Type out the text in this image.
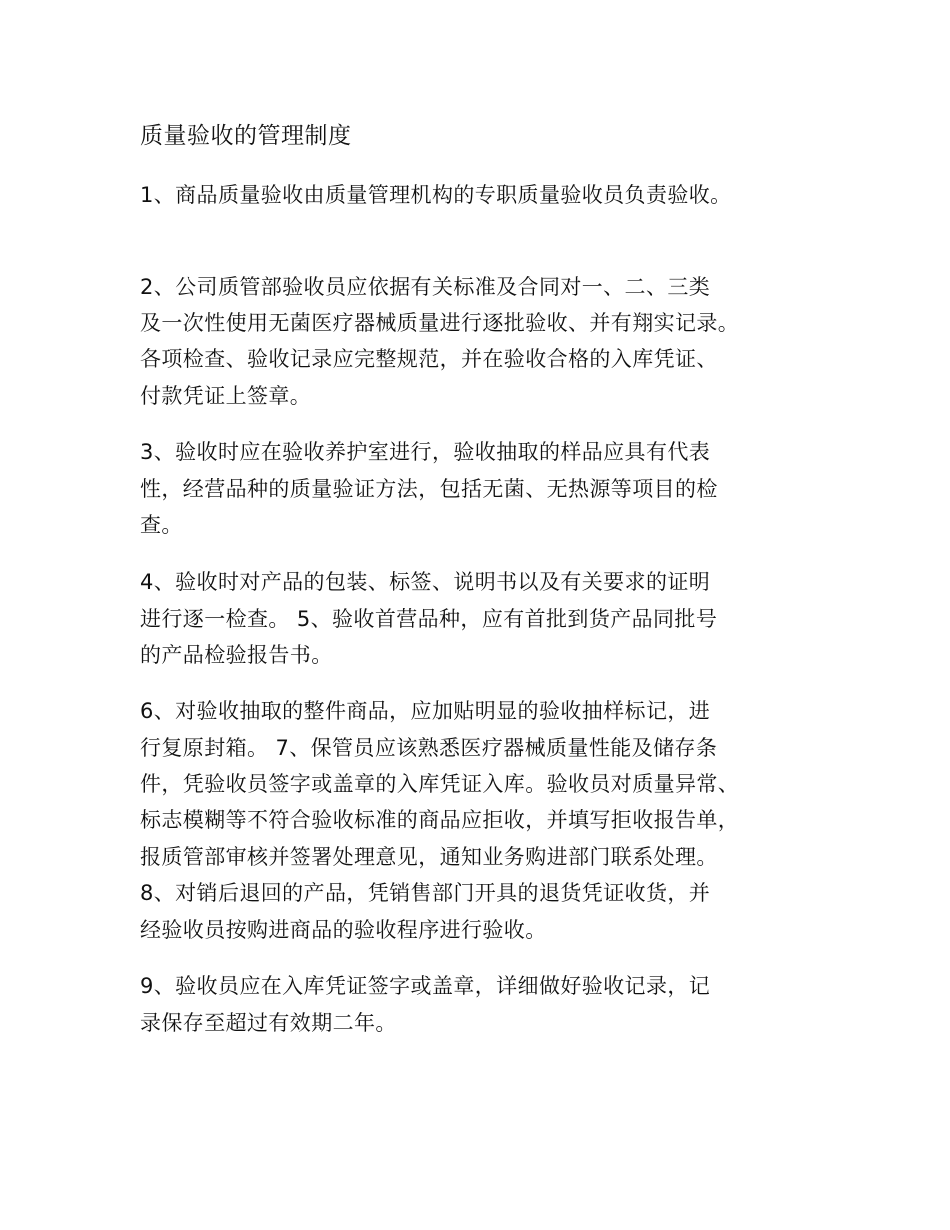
质量验收的管理制度

1、商品质量验收由质量管理机构的专职质量验收员负责验收。

2、公司质管部验收员应依据有关标准及合同对一、二、三类

及一次性使用无菌医疗器械质量进行逐批验收、并有翔实记录。

各项检查、验收记录应完整规范，并在验收合格的入库凭证、

付款凭证上签章。

3、验收时应在验收养护室进行，验收抽取的样品应具有代表

性，经营品种的质量验证方法，包括无菌、无热源等项目的检

查。

4、验收时对产品的包装、标签、说明书以及有关要求的证明

进行逐一检查。 5、验收首营品种，应有首批到货产品同批号

的产品检验报告书。

6、对验收抽取的整件商品，应加贴明显的验收抽样标记，进

行复原封箱。 7、保管员应该熟悉医疗器械质量性能及储存条

件，凭验收员签字或盖章的入库凭证入库。验收员对质量异常、

标志模糊等不符合验收标准的商品应拒收，并填写拒收报告单，

报质管部审核并签署处理意见，通知业务购进部门联系处理。

8、对销后退回的产品，凭销售部门开具的退货凭证收货，并

经验收员按购进商品的验收程序进行验收。

9、验收员应在入库凭证签字或盖章，详细做好验收记录，记

录保存至超过有效期二年。
